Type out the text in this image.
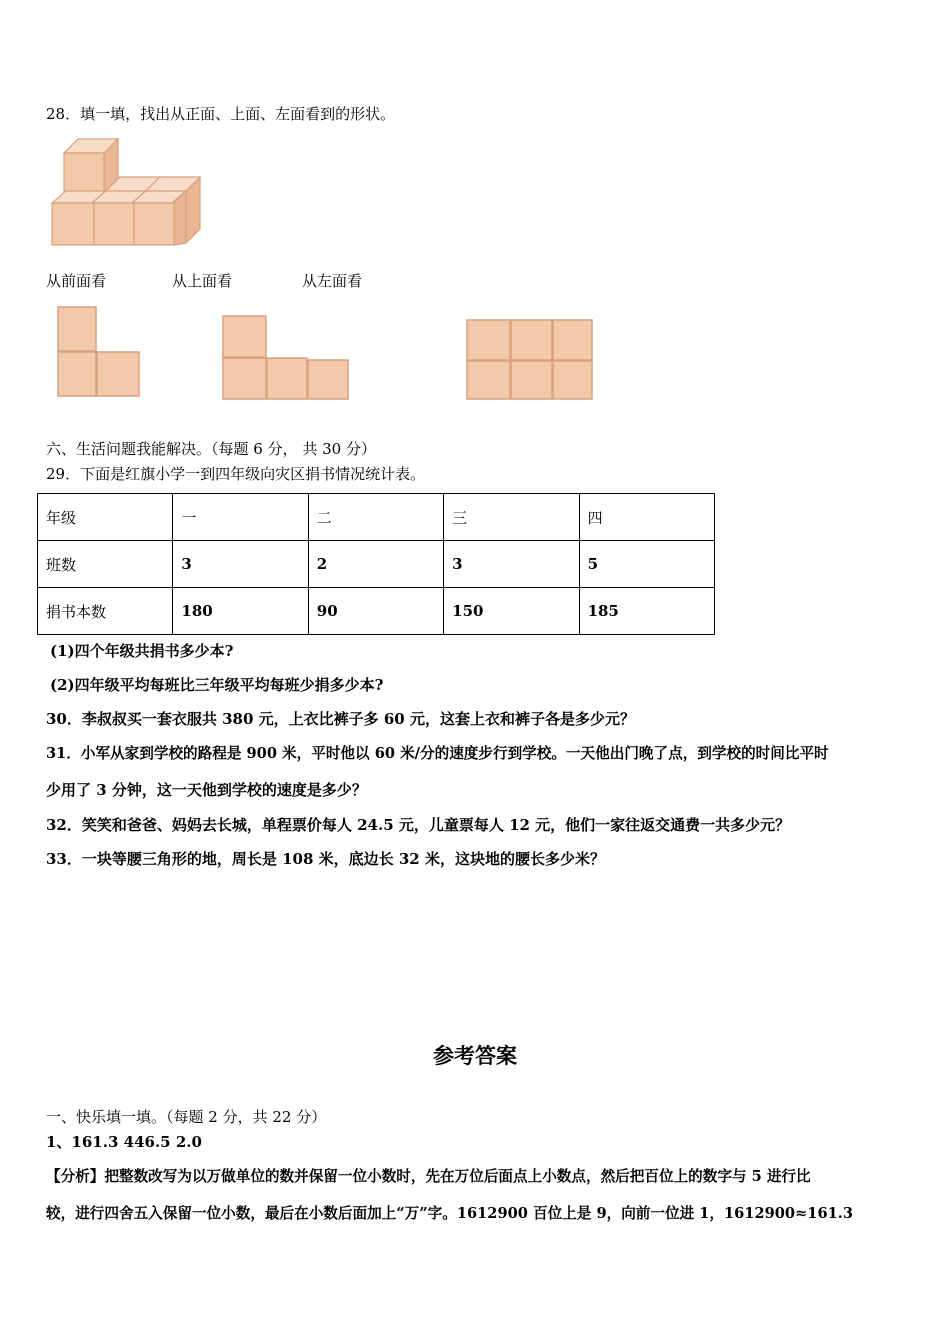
28．填一填，找出从正面、上面、左面看到的形状。
从前面看	从上面看	从左面看
六、生活问题我能解决。（每题 6 分， 共 30 分）
29．下面是红旗小学一到四年级向灾区捐书情况统计表。
年级	一	二	三	四
班数	3	2	3	5
捐书本数	180	90	150	185
(1)四个年级共捐书多少本?
(2)四年级平均每班比三年级平均每班少捐多少本?
30．李叔叔买一套衣服共 380 元，上衣比裤子多 60 元，这套上衣和裤子各是多少元？
31．小军从家到学校的路程是 900 米，平时他以 60 米/分的速度步行到学校。一天他出门晚了点，到学校的时间比平时
少用了 3 分钟，这一天他到学校的速度是多少？
32．笑笑和爸爸、妈妈去长城，单程票价每人 24.5 元，儿童票每人 12 元，他们一家往返交通费一共多少元？
33．一块等腰三角形的地，周长是 108 米，底边长 32 米，这块地的腰长多少米？
参考答案
一、快乐填一填。（每题 2 分，共 22 分）
1、161.3 446.5 2.0
【分析】把整数改写为以万做单位的数并保留一位小数时，先在万位后面点上小数点，然后把百位上的数字与 5 进行比
较，进行四舍五入保留一位小数，最后在小数后面加上“万”字。1612900 百位上是 9，向前一位进 1，1612900≈161.3
